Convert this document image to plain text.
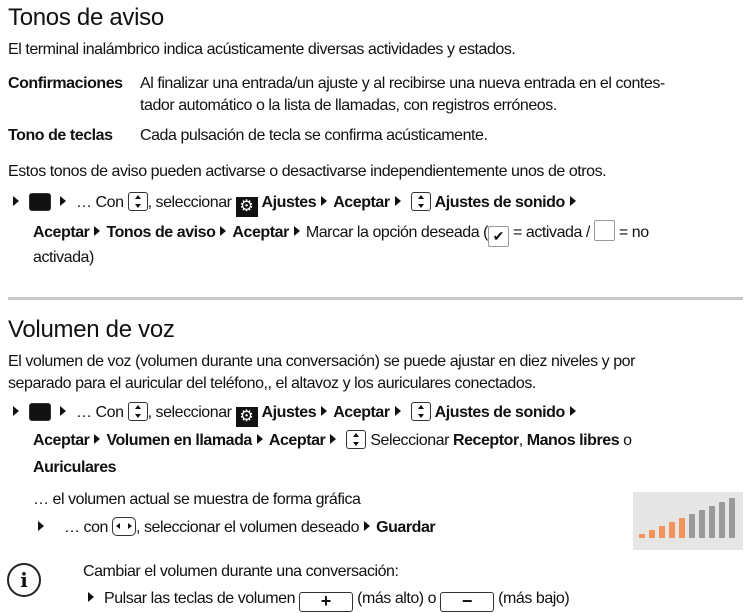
Tonos de aviso
El terminal inalámbrico indica acústicamente diversas actividades y estados.
Confirmaciones Al finalizar una entrada/un ajuste y al recibirse una nueva entrada en el contes-
tador automático o la lista de llamadas, con registros erróneos.
Tono de teclas Cada pulsación de tecla se confirma acústicamente.
Estos tonos de aviso pueden activarse o desactivarse independientemente unos de otros.
… Con , seleccionar ⚙ Ajustes Aceptar	Ajustes de sonido
Aceptar Tonos de aviso Aceptar Marcar la opción deseada ( ✔ = activada / = no
activada)
Volumen de voz
El volumen de voz (volumen durante una conversación) se puede ajustar en diez niveles y por
separado para el auricular del teléfono,, el altavoz y los auriculares conectados.
… Con , seleccionar ⚙ Ajustes Aceptar	Ajustes de sonido
Aceptar Volumen en llamada Aceptar	Seleccionar Receptor, Manos libres o
Auriculares
… el volumen actual se muestra de forma gráfica
… con , seleccionar el volumen deseado Guardar
i	Cambiar el volumen durante una conversación:
Pulsar las teclas de volumen + (más alto) o − (más bajo)
